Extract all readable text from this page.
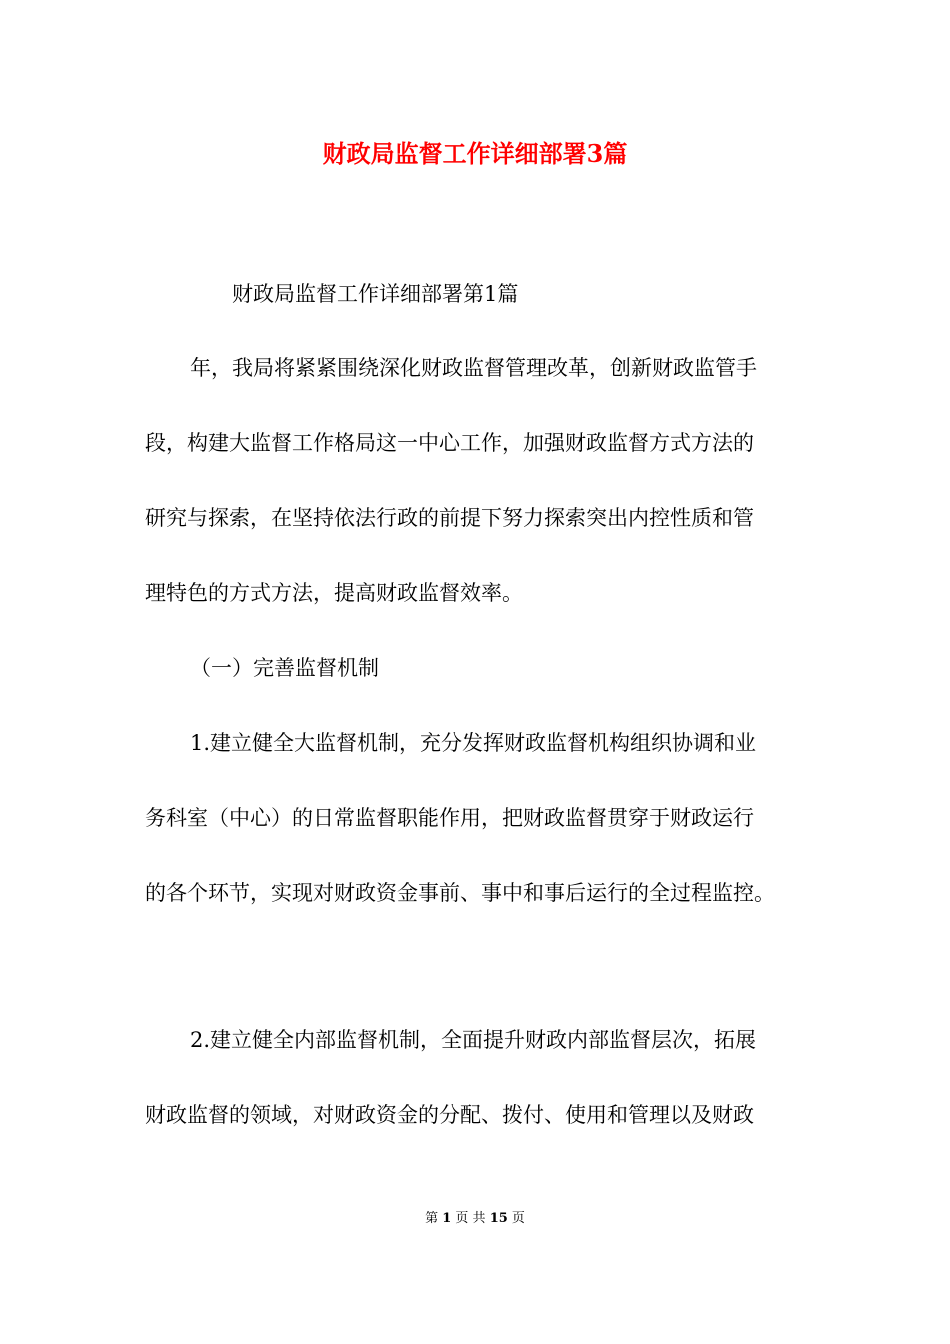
财政局监督工作详细部署3篇
财政局监督工作详细部署第1篇
年，我局将紧紧围绕深化财政监督管理改革，创新财政监管手
段，构建大监督工作格局这一中心工作，加强财政监督方式方法的
研究与探索，在坚持依法行政的前提下努力探索突出内控性质和管
理特色的方式方法，提高财政监督效率。
（一）完善监督机制
1.建立健全大监督机制，充分发挥财政监督机构组织协调和业
务科室（中心）的日常监督职能作用，把财政监督贯穿于财政运行
的各个环节，实现对财政资金事前、事中和事后运行的全过程监控。
2.建立健全内部监督机制，全面提升财政内部监督层次，拓展
财政监督的领域，对财政资金的分配、拨付、使用和管理以及财政
第 1 页 共 15 页
